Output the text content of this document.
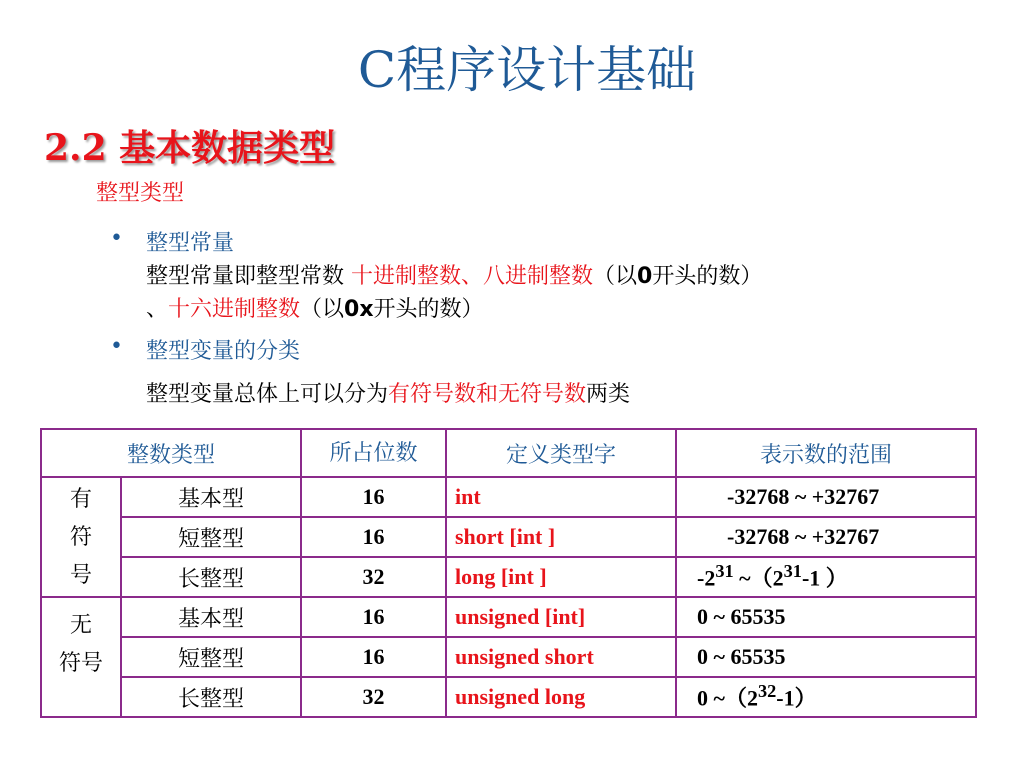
C程序设计基础
2.2 基本数据类型
整型类型
• 整型常量
整型常量即整型常数 十进制整数、八进制整数（以0开头的数）
、十六进制整数（以0x开头的数）
• 整型变量的分类
整型变量总体上可以分为有符号数和无符号数两类
整数类型		所占位数	定义类型字	表示数的范围

有
符
号	基本型	16	int	-32768 ~ +32767
	短整型	16	short [int ]	-32768 ~ +32767
	长整型	32	long [int ]	$-2^{31}$ $\sim(2^{31}-1$ ）

无
符号	基本型	16	unsigned [int]	0 ~ 65535
	短整型	16	unsigned short	0 ~ 65535
	长整型	32	unsigned long	0 $\sim(2^{32}-1)$
